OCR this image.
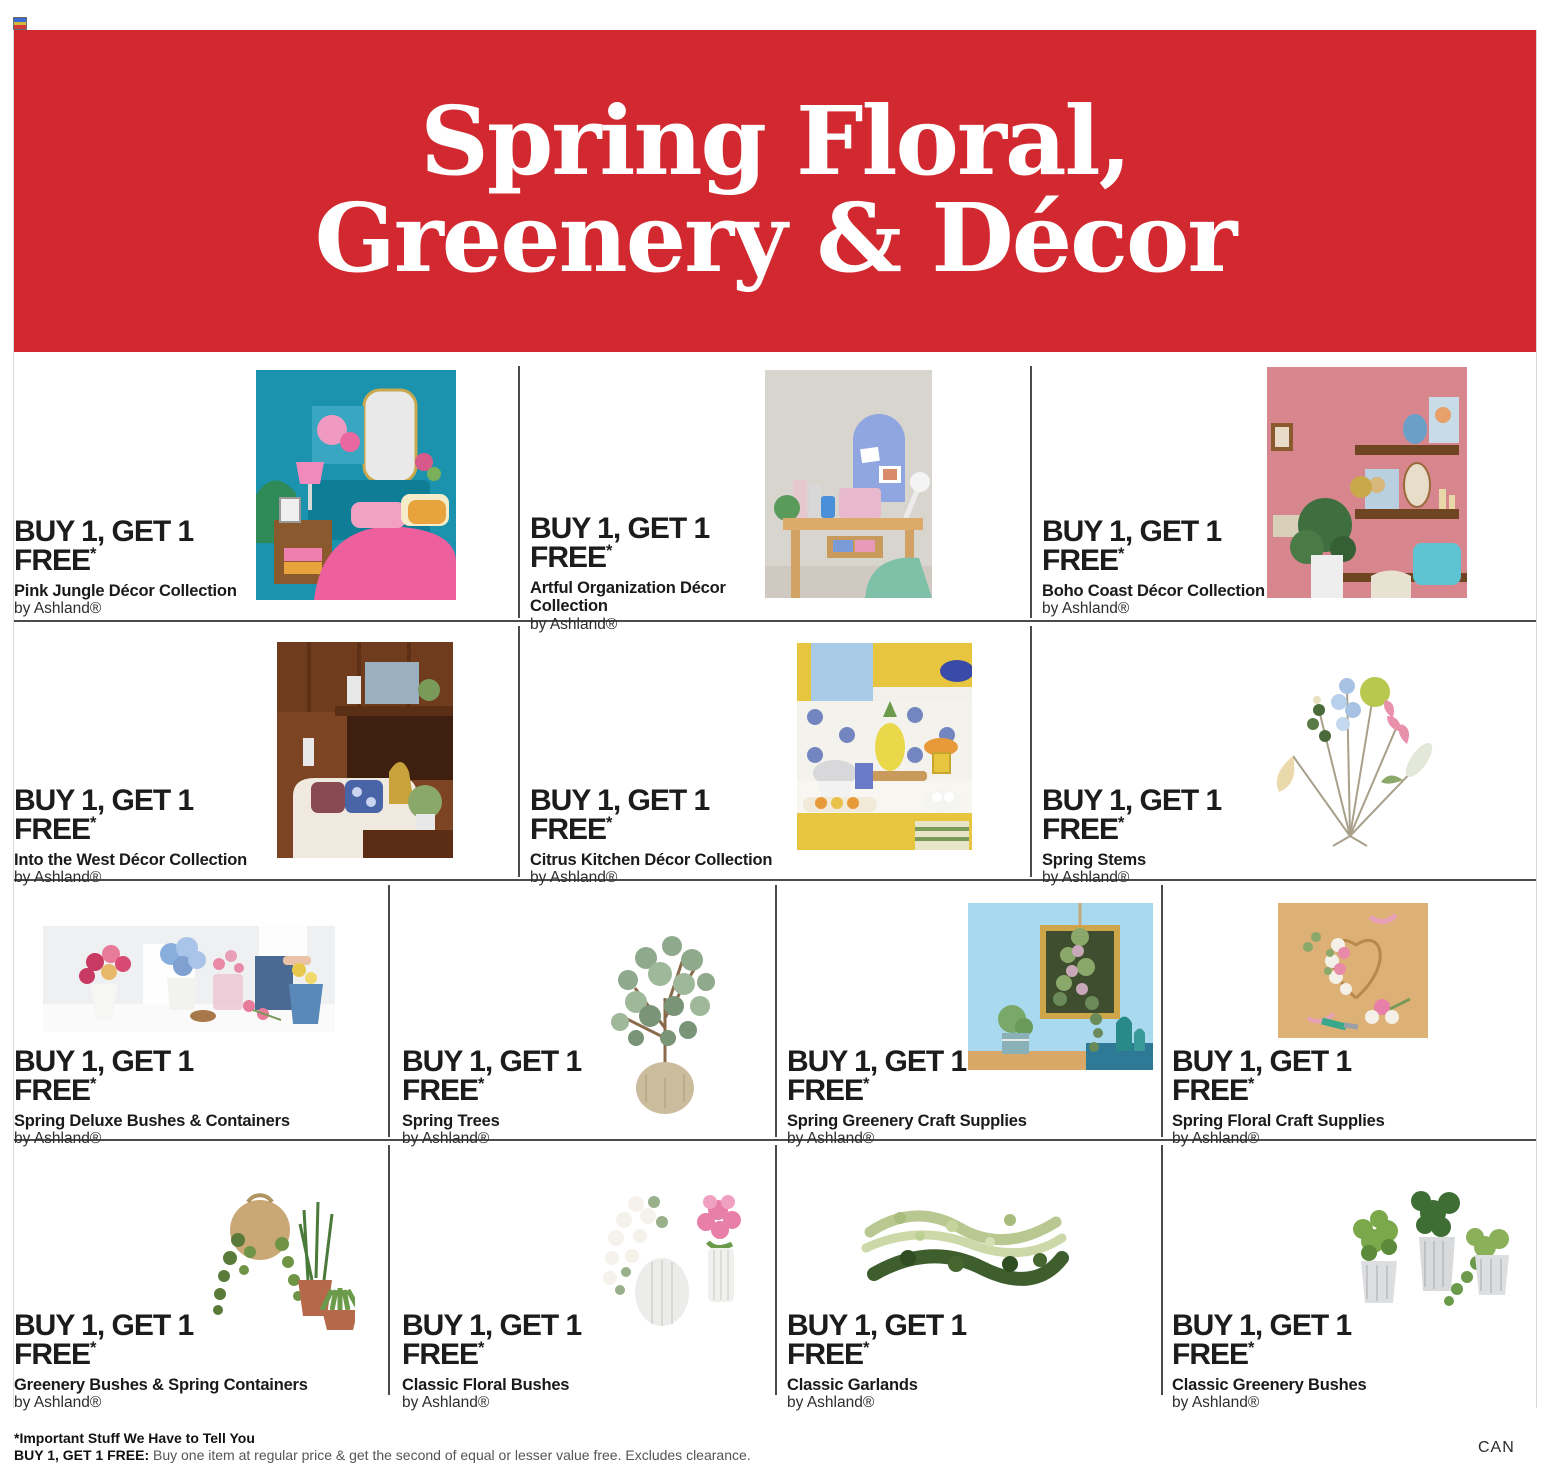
Spring Floral,
Greenery & Décor
BUY 1, GET 1
FREE*
Pink Jungle Décor Collection
by Ashland®
BUY 1, GET 1
FREE*
Artful Organization Décor Collection
by Ashland®
BUY 1, GET 1
FREE*
Boho Coast Décor Collection
by Ashland®
BUY 1, GET 1
FREE*
Into the West Décor Collection
by Ashland®
BUY 1, GET 1
FREE*
Citrus Kitchen Décor Collection
by Ashland®
BUY 1, GET 1
FREE*
Spring Stems
by Ashland®
BUY 1, GET 1
FREE*
Spring Deluxe Bushes & Containers
by Ashland®
BUY 1, GET 1
FREE*
Spring Trees
by Ashland®
BUY 1, GET 1
FREE*
Spring Greenery Craft Supplies
by Ashland®
BUY 1, GET 1
FREE*
Spring Floral Craft Supplies
by Ashland®
BUY 1, GET 1
FREE*
Greenery Bushes & Spring Containers
by Ashland®
BUY 1, GET 1
FREE*
Classic Floral Bushes
by Ashland®
BUY 1, GET 1
FREE*
Classic Garlands
by Ashland®
BUY 1, GET 1
FREE*
Classic Greenery Bushes
by Ashland®
*Important Stuff We Have to Tell You
BUY 1, GET 1 FREE: Buy one item at regular price & get the second of equal or lesser value free. Excludes clearance.	CAN
